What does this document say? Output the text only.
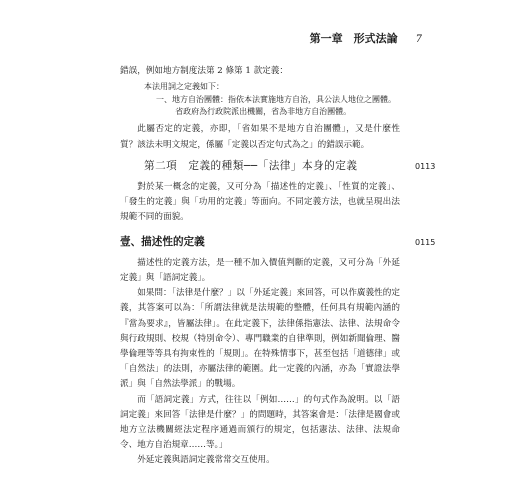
第一章　形式法論 7

錯誤，例如地方制度法第 2 條第 1 款定義：

本法用詞之定義如下：

一、地方自治團體：指依本法實施地方自治，具公法人地位之團體。省政府為行政院派出機關，省為非地方自治團體。

此屬否定的定義，亦即，「省如果不是地方自治團體」，又是什麼性質？該法未明文規定，係屬「定義以否定句式為之」的錯誤示範。

第二項　定義的種類──「法律」本身的定義	0113

對於某一概念的定義，又可分為「描述性的定義」、「性質的定義」、「發生的定義」與「功用的定義」等面向。不同定義方法，也就呈現出法規範不同的面貌。

壹、描述性的定義	0115

描述性的定義方法，是一種不加入價值判斷的定義，又可分為「外延定義」與「語詞定義」。

如果問：「法律是什麼？」以「外延定義」來回答，可以作廣義性的定義，其答案可以為：「所謂法律就是法規範的整體，任何具有規範內涵的『當為要求』，皆屬法律」。在此定義下，法律係指憲法、法律、法規命令與行政規則、校規（特別命令）、專門職業的自律準則，例如新聞倫理、醫學倫理等等具有拘束性的「規則」。在特殊情事下，甚至包括「道德律」或「自然法」的法則，亦屬法律的範圍。此一定義的內涵，亦為「實證法學派」與「自然法學派」的戰場。

而「語詞定義」方式，往往以「例如……」的句式作為說明。以「語詞定義」來回答「法律是什麼？」的問題時，其答案會是：「法律是國會或地方立法機關經法定程序通過而頒行的規定，包括憲法、法律、法規命令、地方自治規章……等。」

外延定義與語詞定義常常交互使用。
